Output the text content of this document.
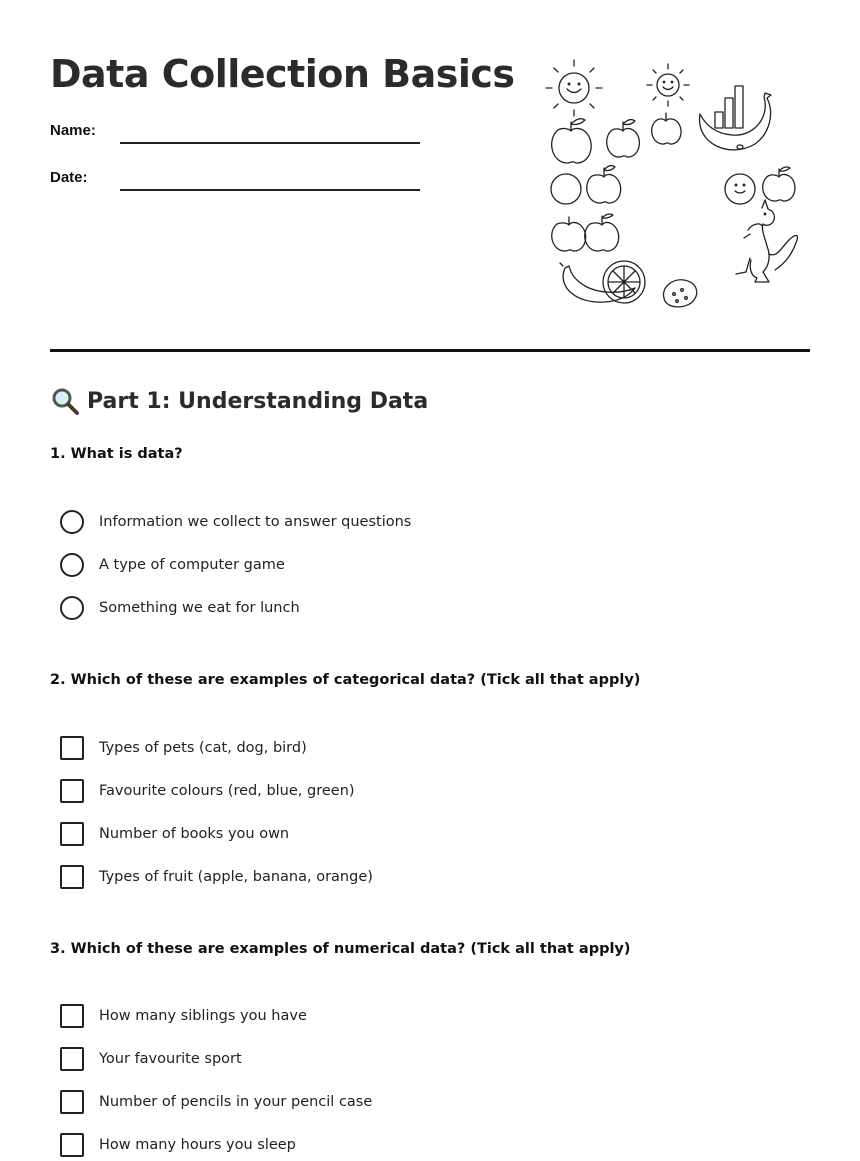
Data Collection Basics
Name:
Date:
Part 1: Understanding Data

1. What is data?

Information we collect to answer questions
A type of computer game
Something we eat for lunch

2. Which of these are examples of categorical data? (Tick all that apply)

Types of pets (cat, dog, bird)
Favourite colours (red, blue, green)
Number of books you own
Types of fruit (apple, banana, orange)

3. Which of these are examples of numerical data? (Tick all that apply)

How many siblings you have
Your favourite sport
Number of pencils in your pencil case
How many hours you sleep
